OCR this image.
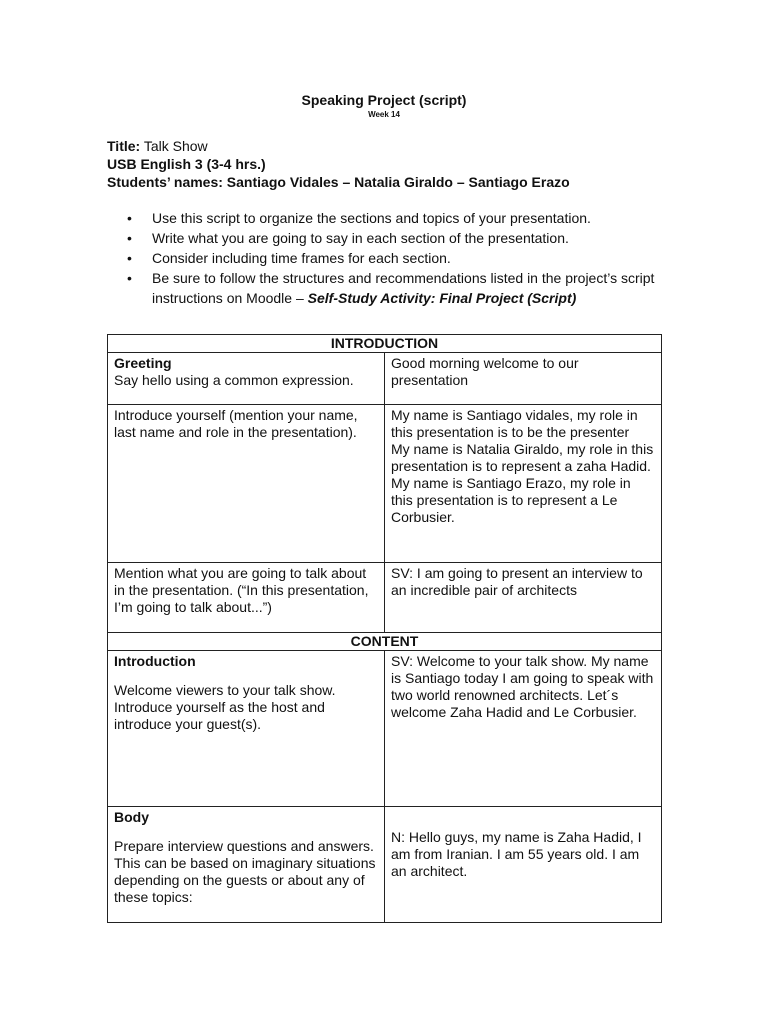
Speaking Project (script)
Week 14
Title: Talk Show
USB English 3 (3-4 hrs.)
Students’ names: Santiago Vidales – Natalia Giraldo – Santiago Erazo
• Use this script to organize the sections and topics of your presentation.
• Write what you are going to say in each section of the presentation.
• Consider including time frames for each section.
• Be sure to follow the structures and recommendations listed in the project’s script instructions on Moodle – Self-Study Activity: Final Project (Script)
INTRODUCTION	

Greeting
Say hello using a common expression.	Good morning welcome to our presentation
Introduce yourself (mention your name, last name and role in the presentation).	My name is Santiago vidales, my role in this presentation is to be the presenter
My name is Natalia Giraldo, my role in this presentation is to represent a zaha Hadid.
My name is Santiago Erazo, my role in this presentation is to represent a Le Corbusier.

Mention what you are going to talk about in the presentation. (“In this presentation, I’m going to talk about...”)	SV: I am going to present an interview to an incredible pair of architects
CONTENT	

Introduction
Welcome viewers to your talk show. Introduce yourself as the host and introduce your guest(s).	SV: Welcome to your talk show. My name is Santiago today I am going to speak with two world renowned architects. Let´s welcome Zaha Hadid and Le Corbusier.

Body
Prepare interview questions and answers. This can be based on imaginary situations depending on the guests or about any of these topics:	N: Hello guys, my name is Zaha Hadid, I am from Iranian. I am 55 years old. I am an architect.
